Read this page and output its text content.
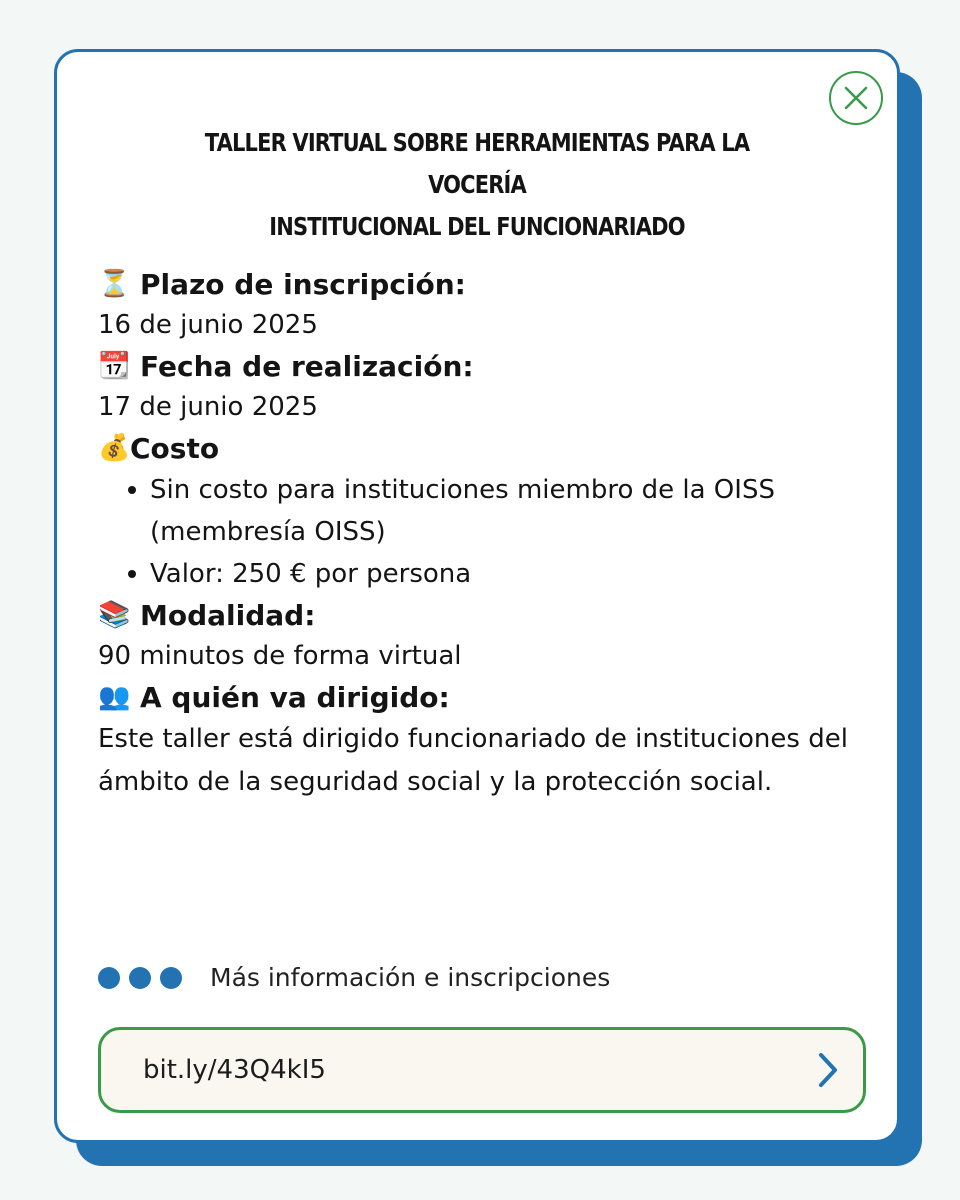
TALLER VIRTUAL SOBRE HERRAMIENTAS PARA LA VOCERÍA
INSTITUCIONAL DEL FUNCIONARIADO

⏳ Plazo de inscripción:

16 de junio 2025

📆 Fecha de realización:

17 de junio 2025

💰 Costo

Sin costo para instituciones miembro de la OISS (membresía OISS)
Valor: 250 € por persona

📚 Modalidad:

90 minutos de forma virtual

👥 A quién va dirigido:

Este taller está dirigido funcionariado de instituciones del ámbito de la seguridad social y la protección social.

Más información e inscripciones
bit.ly/43Q4kI5
